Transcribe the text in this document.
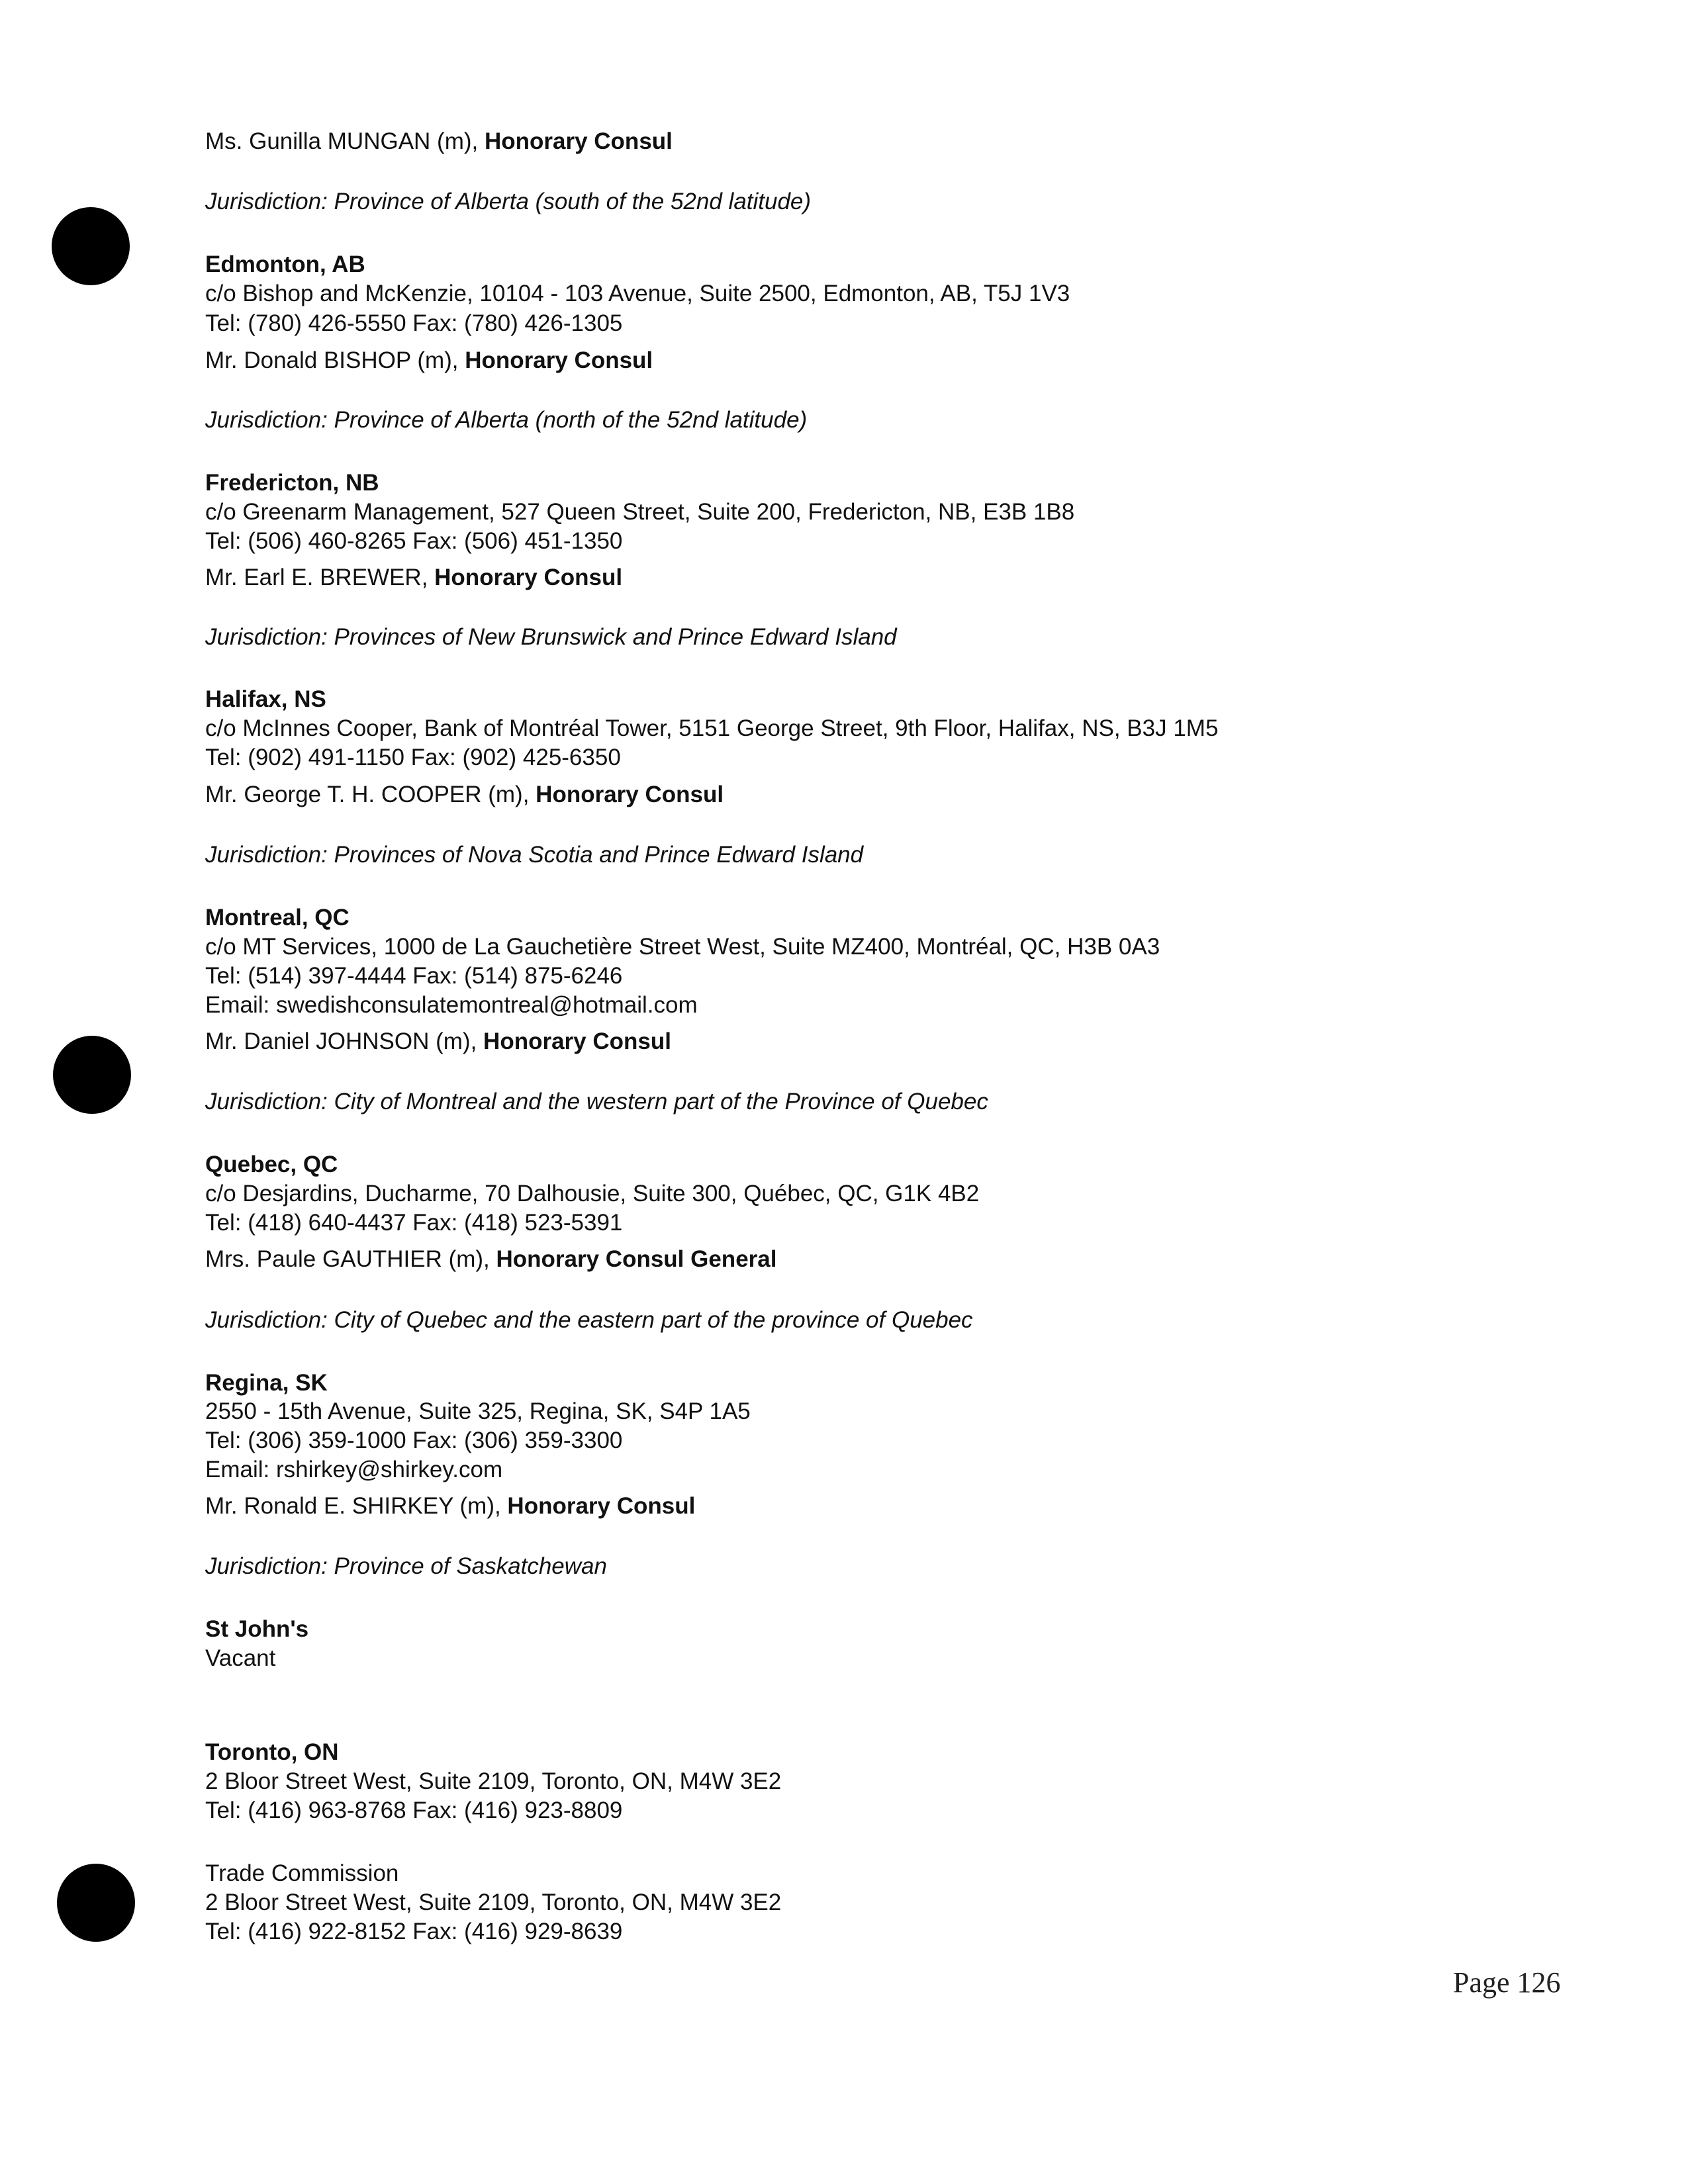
Ms. Gunilla MUNGAN (m), Honorary Consul
Jurisdiction: Province of Alberta (south of the 52nd latitude)
Edmonton, AB
c/o Bishop and McKenzie, 10104 - 103 Avenue, Suite 2500, Edmonton, AB, T5J 1V3
Tel: (780) 426-5550 Fax: (780) 426-1305
Mr. Donald BISHOP (m), Honorary Consul
Jurisdiction: Province of Alberta (north of the 52nd latitude)
Fredericton, NB
c/o Greenarm Management, 527 Queen Street, Suite 200, Fredericton, NB, E3B 1B8
Tel: (506) 460-8265 Fax: (506) 451-1350
Mr. Earl E. BREWER, Honorary Consul
Jurisdiction: Provinces of New Brunswick and Prince Edward Island
Halifax, NS
c/o McInnes Cooper, Bank of Montréal Tower, 5151 George Street, 9th Floor, Halifax, NS, B3J 1M5
Tel: (902) 491-1150 Fax: (902) 425-6350
Mr. George T. H. COOPER (m), Honorary Consul
Jurisdiction: Provinces of Nova Scotia and Prince Edward Island
Montreal, QC
c/o MT Services, 1000 de La Gauchetière Street West, Suite MZ400, Montréal, QC, H3B 0A3
Tel: (514) 397-4444 Fax: (514) 875-6246
Email: swedishconsulatemontreal@hotmail.com
Mr. Daniel JOHNSON (m), Honorary Consul
Jurisdiction: City of Montreal and the western part of the Province of Quebec
Quebec, QC
c/o Desjardins, Ducharme, 70 Dalhousie, Suite 300, Québec, QC, G1K 4B2
Tel: (418) 640-4437 Fax: (418) 523-5391
Mrs. Paule GAUTHIER (m), Honorary Consul General
Jurisdiction: City of Quebec and the eastern part of the province of Quebec
Regina, SK
2550 - 15th Avenue, Suite 325, Regina, SK, S4P 1A5
Tel: (306) 359-1000 Fax: (306) 359-3300
Email: rshirkey@shirkey.com
Mr. Ronald E. SHIRKEY (m), Honorary Consul
Jurisdiction: Province of Saskatchewan
St John's
Vacant
Toronto, ON
2 Bloor Street West, Suite 2109, Toronto, ON, M4W 3E2
Tel: (416) 963-8768 Fax: (416) 923-8809
Trade Commission
2 Bloor Street West, Suite 2109, Toronto, ON, M4W 3E2
Tel: (416) 922-8152 Fax: (416) 929-8639
Page 126
